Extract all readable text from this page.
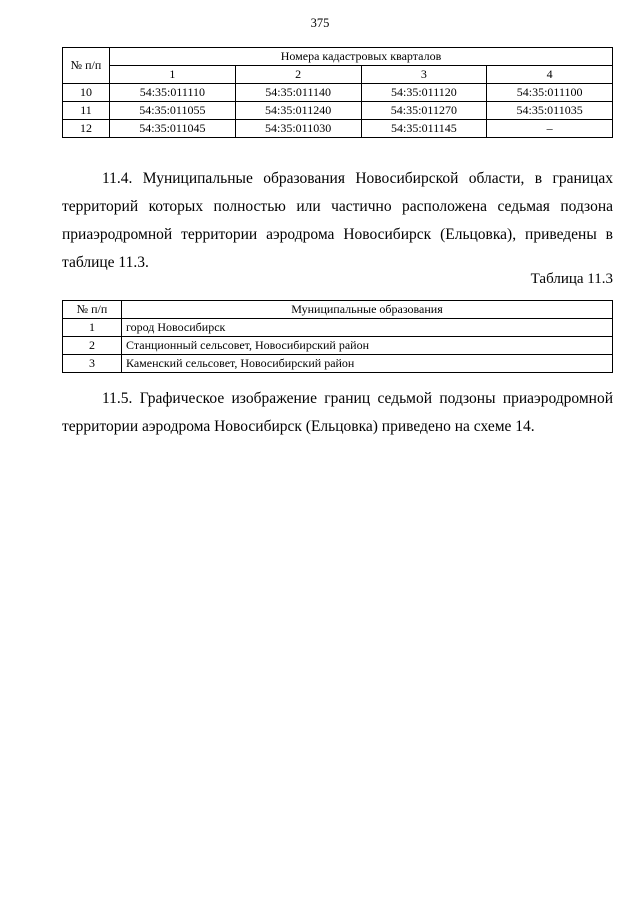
375
№ п/п	Номера кадастровых кварталов			
	1	2	3	4
10	54:35:011110	54:35:011140	54:35:011120	54:35:011100
11	54:35:011055	54:35:011240	54:35:011270	54:35:011035
12	54:35:011045	54:35:011030	54:35:011145	–

11.4. Муниципальные образования Новосибирской области, в границах территорий которых полностью или частично расположена седьмая подзона приаэродромной территории аэродрома Новосибирск (Ельцовка), приведены в таблице 11.3.

Таблица 11.3
№ п/п	Муниципальные образования
1	город Новосибирск
2	Станционный сельсовет, Новосибирский район
3	Каменский сельсовет, Новосибирский район

11.5. Графическое изображение границ седьмой подзоны приаэродромной территории аэродрома Новосибирск (Ельцовка) приведено на схеме 14.
